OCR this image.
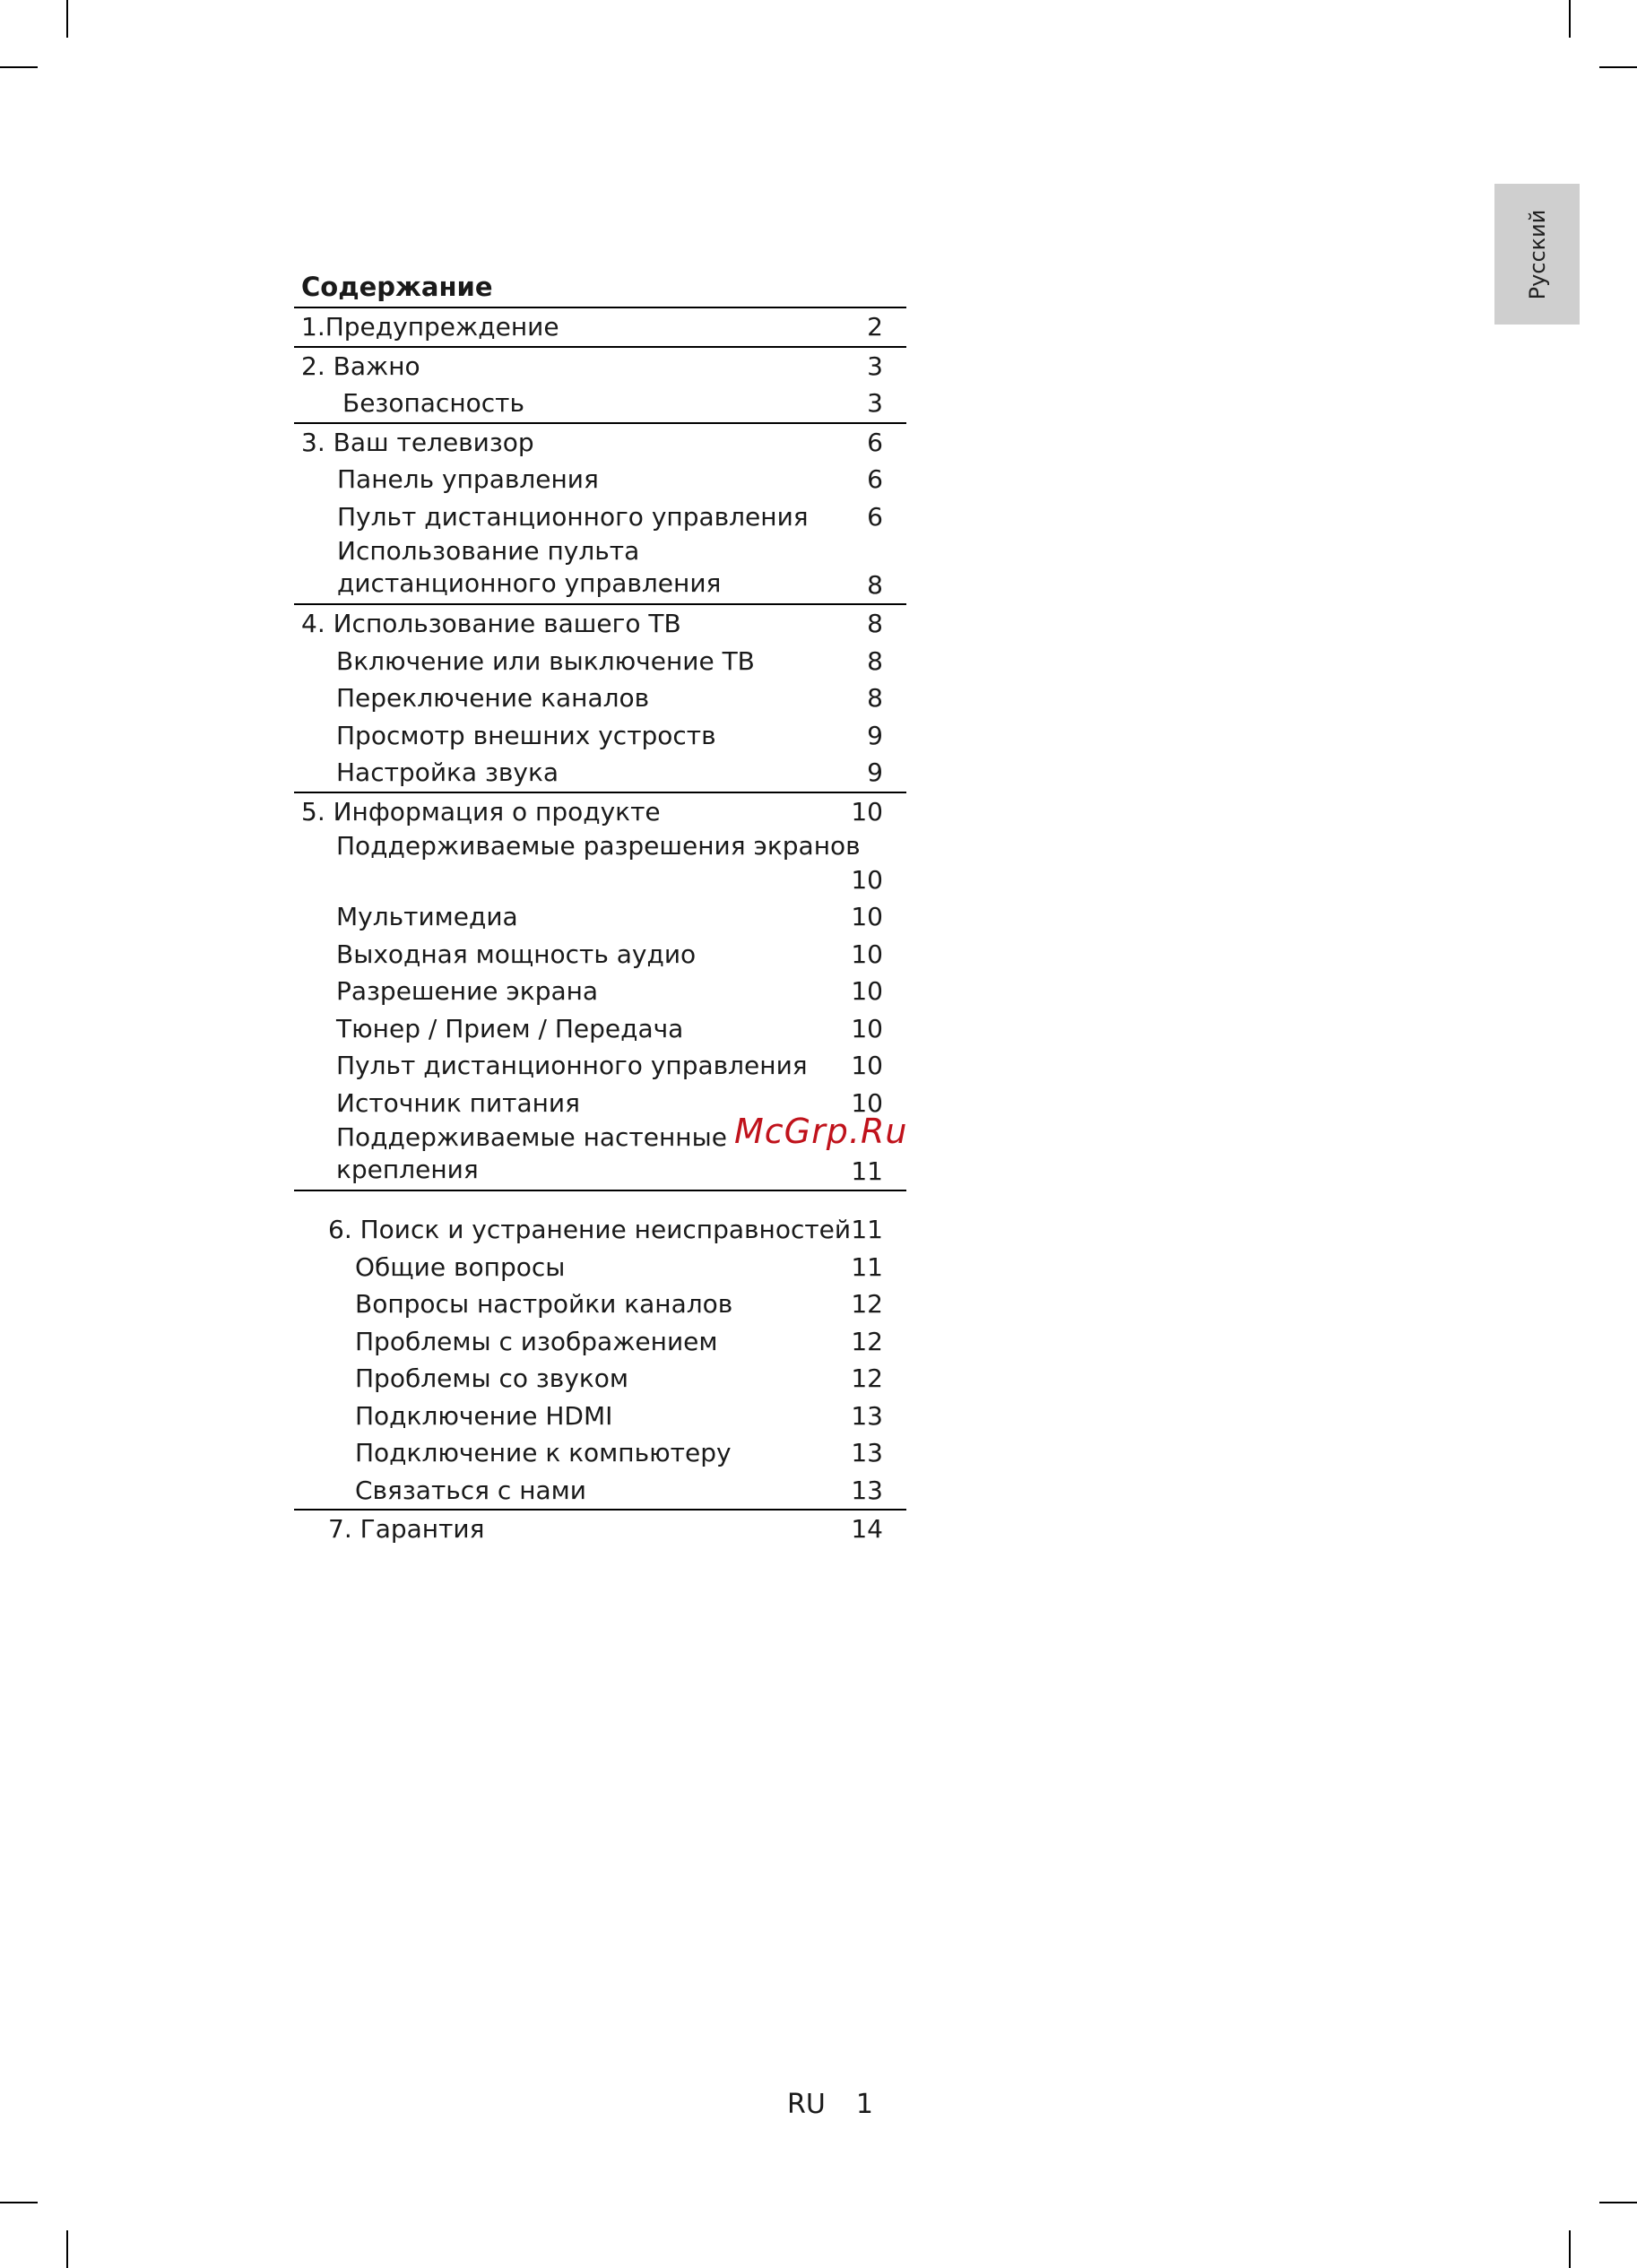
Русский
Содержание
1.Предупреждение	2
2. Важно	3
Безопасность	3
3. Ваш телевизор	6
Панель управления	6
Пульт дистанционного управления 6
Использование пульта дистанционного управления	8
4. Использование вашего ТВ	8
Включение или выключение ТВ	8
Переключение каналов	8
Просмотр внешних устроств	9
Настройка звука	9
5. Информация о продукте	10
Поддерживаемые разрешения экранов
10
Мультимедиа	10
Выходная мощность аудио	10
Разрешение экрана	10
Тюнер / Прием / Передача	10
Пульт дистанционного управления 10
Источник питания	10
Поддерживаемые настенные крепления	11
6. Поиск и устранение неисправностей 11
Общие вопросы	11
Вопросы настройки каналов	12
Проблемы с изображением	12
Проблемы со звуком	12
Подключение HDMI	13
Подключение к компьютеру	13
Связаться с нами	13
7. Гарантия	14
McGrp.Ru
RU 1
